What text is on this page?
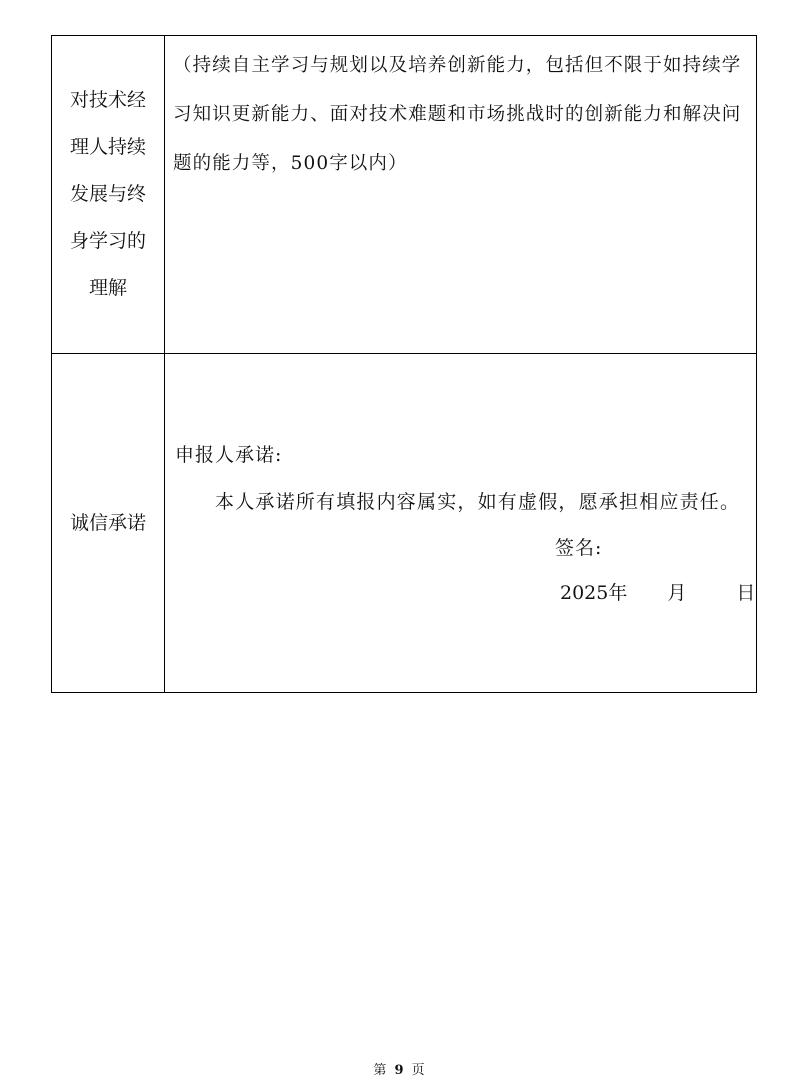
对技术经
理人持续
发展与终
身学习的
理解	（持续自主学习与规划以及培养创新能力，包括但不限于如持续学习知识更新能力、面对技术难题和市场挑战时的创新能力和解决问题的能力等，500字以内）

诚信承诺	申报人承诺:
本人承诺所有填报内容属实，如有虚假，愿承担相应责任。
签名:
2025年 月 日
第 9 页
